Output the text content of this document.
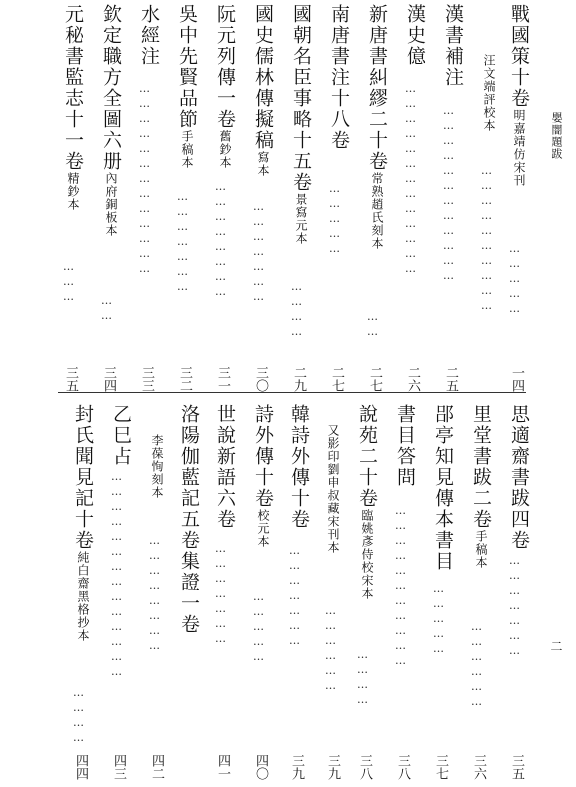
嬰闇題跋
二
戰國策十卷明嘉靖仿宋刊
……………
一四
汪文端評校本
…………………………
漢書補注
………………………………
二五
漢史億
…………………………………
二六
新唐書糾繆二十卷常熟趙氏刻本
……
二七
南唐書注十八卷
……………
二七
國朝名臣事略十五卷景寫元本
…………
二九
國史儒林傳擬稿寫本
…………………
三〇
阮元列傳一卷舊鈔本
……………………
三一
吳中先賢品節手稿本
…………………
三二
水經注
…………………………………
三三
欽定職方全圖六册內府銅板本
……
三四
元秘書監志十一卷精鈔本
………
三五
思適齋書跋四卷
…………………
三五
里堂書跋二卷手稿本
………………
三六
郘亭知見傳本書目
……………
三七
書目答問
……………………………
三八
說苑二十卷臨姚彥侍校宋本
…………
三八
又影印劉申叔藏宋刊本
………………
三九
韓詩外傳十卷
…………………
三九
詩外傳十卷校元本
……………
四〇
世說新語六卷
…………………
四一
洛陽伽藍記五卷集證一卷
李葆恂刻本
……………………
四二
乙巳占
……………………………………
四三
封氏聞見記十卷純白齋黑格抄本
…………
四四
